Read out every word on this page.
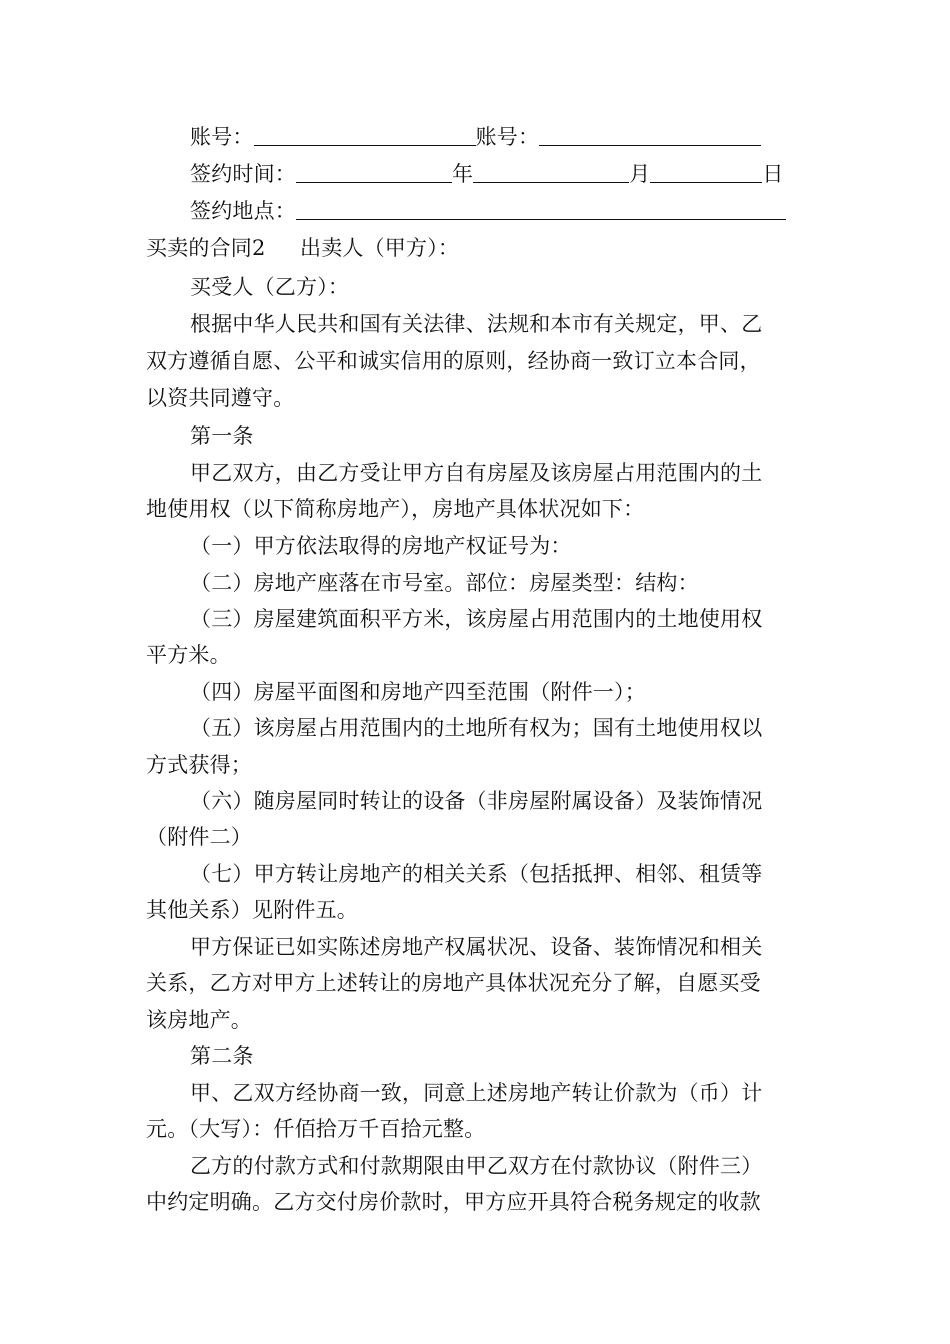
账号：	账号：
签约时间：	年	月	日
签约地点：
买卖的合同2 出卖人（甲方）：
买受人（乙方）：
根据中华人民共和国有关法律、法规和本市有关规定，甲、乙
双方遵循自愿、公平和诚实信用的原则，经协商一致订立本合同，
以资共同遵守。
第一条
甲乙双方，由乙方受让甲方自有房屋及该房屋占用范围内的土
地使用权（以下简称房地产），房地产具体状况如下：
（一）甲方依法取得的房地产权证号为：
（二）房地产座落在市号室。部位：房屋类型：结构：
（三）房屋建筑面积平方米，该房屋占用范围内的土地使用权
平方米。
（四）房屋平面图和房地产四至范围（附件一）；
（五）该房屋占用范围内的土地所有权为；国有土地使用权以
方式获得；
（六）随房屋同时转让的设备（非房屋附属设备）及装饰情况
（附件二）
（七）甲方转让房地产的相关关系（包括抵押、相邻、租赁等
其他关系）见附件五。
甲方保证已如实陈述房地产权属状况、设备、装饰情况和相关
关系，乙方对甲方上述转让的房地产具体状况充分了解，自愿买受
该房地产。
第二条
甲、乙双方经协商一致，同意上述房地产转让价款为（币）计
元。（大写）：仟佰拾万千百拾元整。
乙方的付款方式和付款期限由甲乙双方在付款协议（附件三）
中约定明确。乙方交付房价款时，甲方应开具符合税务规定的收款
